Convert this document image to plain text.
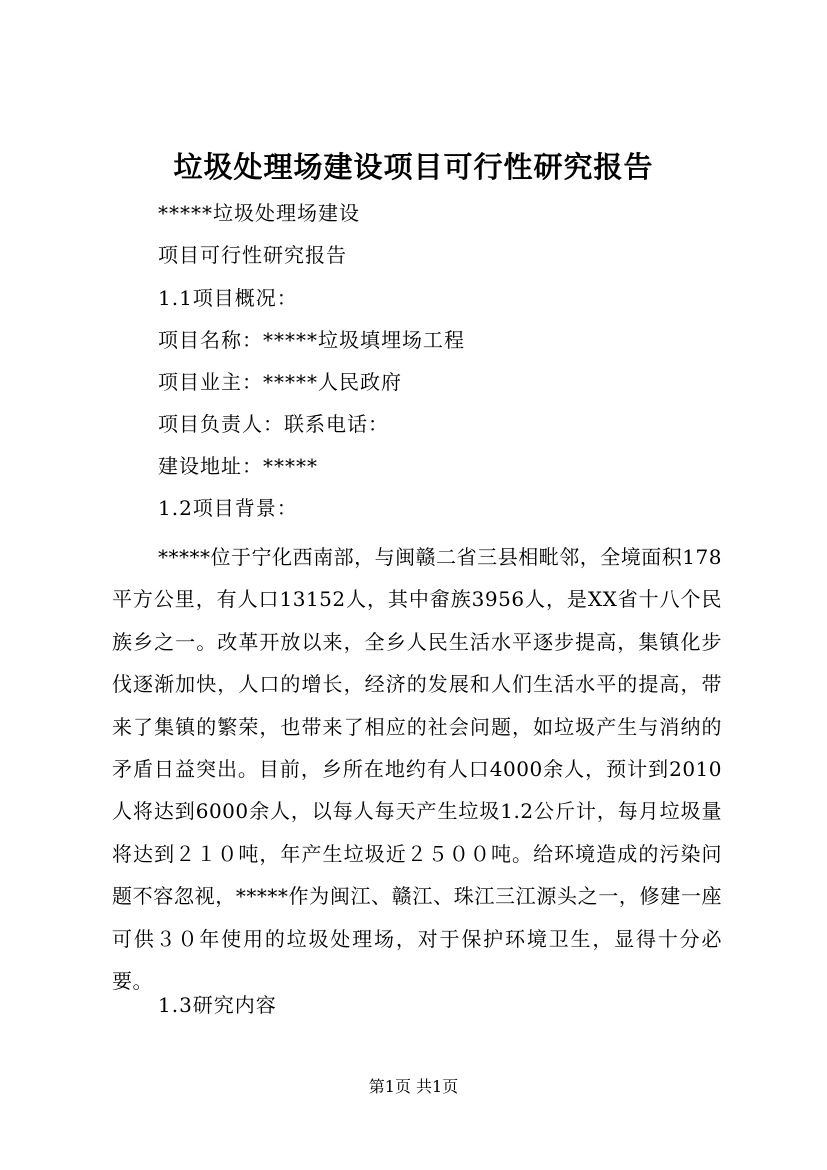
垃圾处理场建设项目可行性研究报告
*****垃圾处理场建设
项目可行性研究报告
1.1项目概况：
项目名称：*****垃圾填埋场工程
项目业主：*****人民政府
项目负责人：联系电话：
建设地址：*****
1.2项目背景：

*****位于宁化西南部，与闽赣二省三县相毗邻，全境面积178平方公里，有人口13152人，其中畲族3956人，是XX省十八个民族乡之一。改革开放以来，全乡人民生活水平逐步提高，集镇化步伐逐渐加快，人口的增长，经济的发展和人们生活水平的提高，带来了集镇的繁荣，也带来了相应的社会问题，如垃圾产生与消纳的矛盾日益突出。目前，乡所在地约有人口4000余人，预计到2010人将达到6000余人，以每人每天产生垃圾1.2公斤计，每月垃圾量将达到２１０吨，年产生垃圾近２５００吨。给环境造成的污染问题不容忽视，*****作为闽江、赣江、珠江三江源头之一，修建一座可供３０年使用的垃圾处理场，对于保护环境卫生，显得十分必要。

1.3研究内容
第1页 共1页
